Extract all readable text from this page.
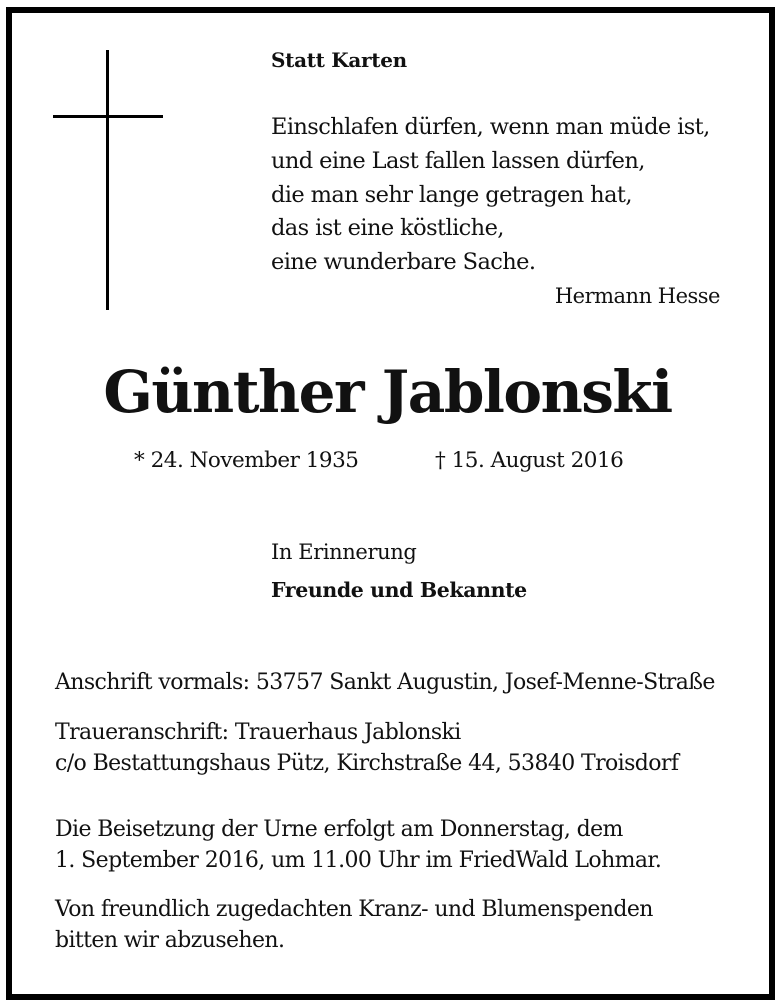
Statt Karten
Einschlafen dürfen, wenn man müde ist,
und eine Last fallen lassen dürfen,
die man sehr lange getragen hat,
das ist eine köstliche,
eine wunderbare Sache.
Hermann Hesse
Günther Jablonski
* 24. November 1935	† 15. August 2016
In Erinnerung
Freunde und Bekannte
Anschrift vormals: 53757 Sankt Augustin, Josef-Menne-Straße
Traueranschrift: Trauerhaus Jablonski
c/o Bestattungshaus Pütz, Kirchstraße 44, 53840 Troisdorf
Die Beisetzung der Urne erfolgt am Donnerstag, dem
1. September 2016, um 11.00 Uhr im FriedWald Lohmar.
Von freundlich zugedachten Kranz- und Blumenspenden
bitten wir abzusehen.
